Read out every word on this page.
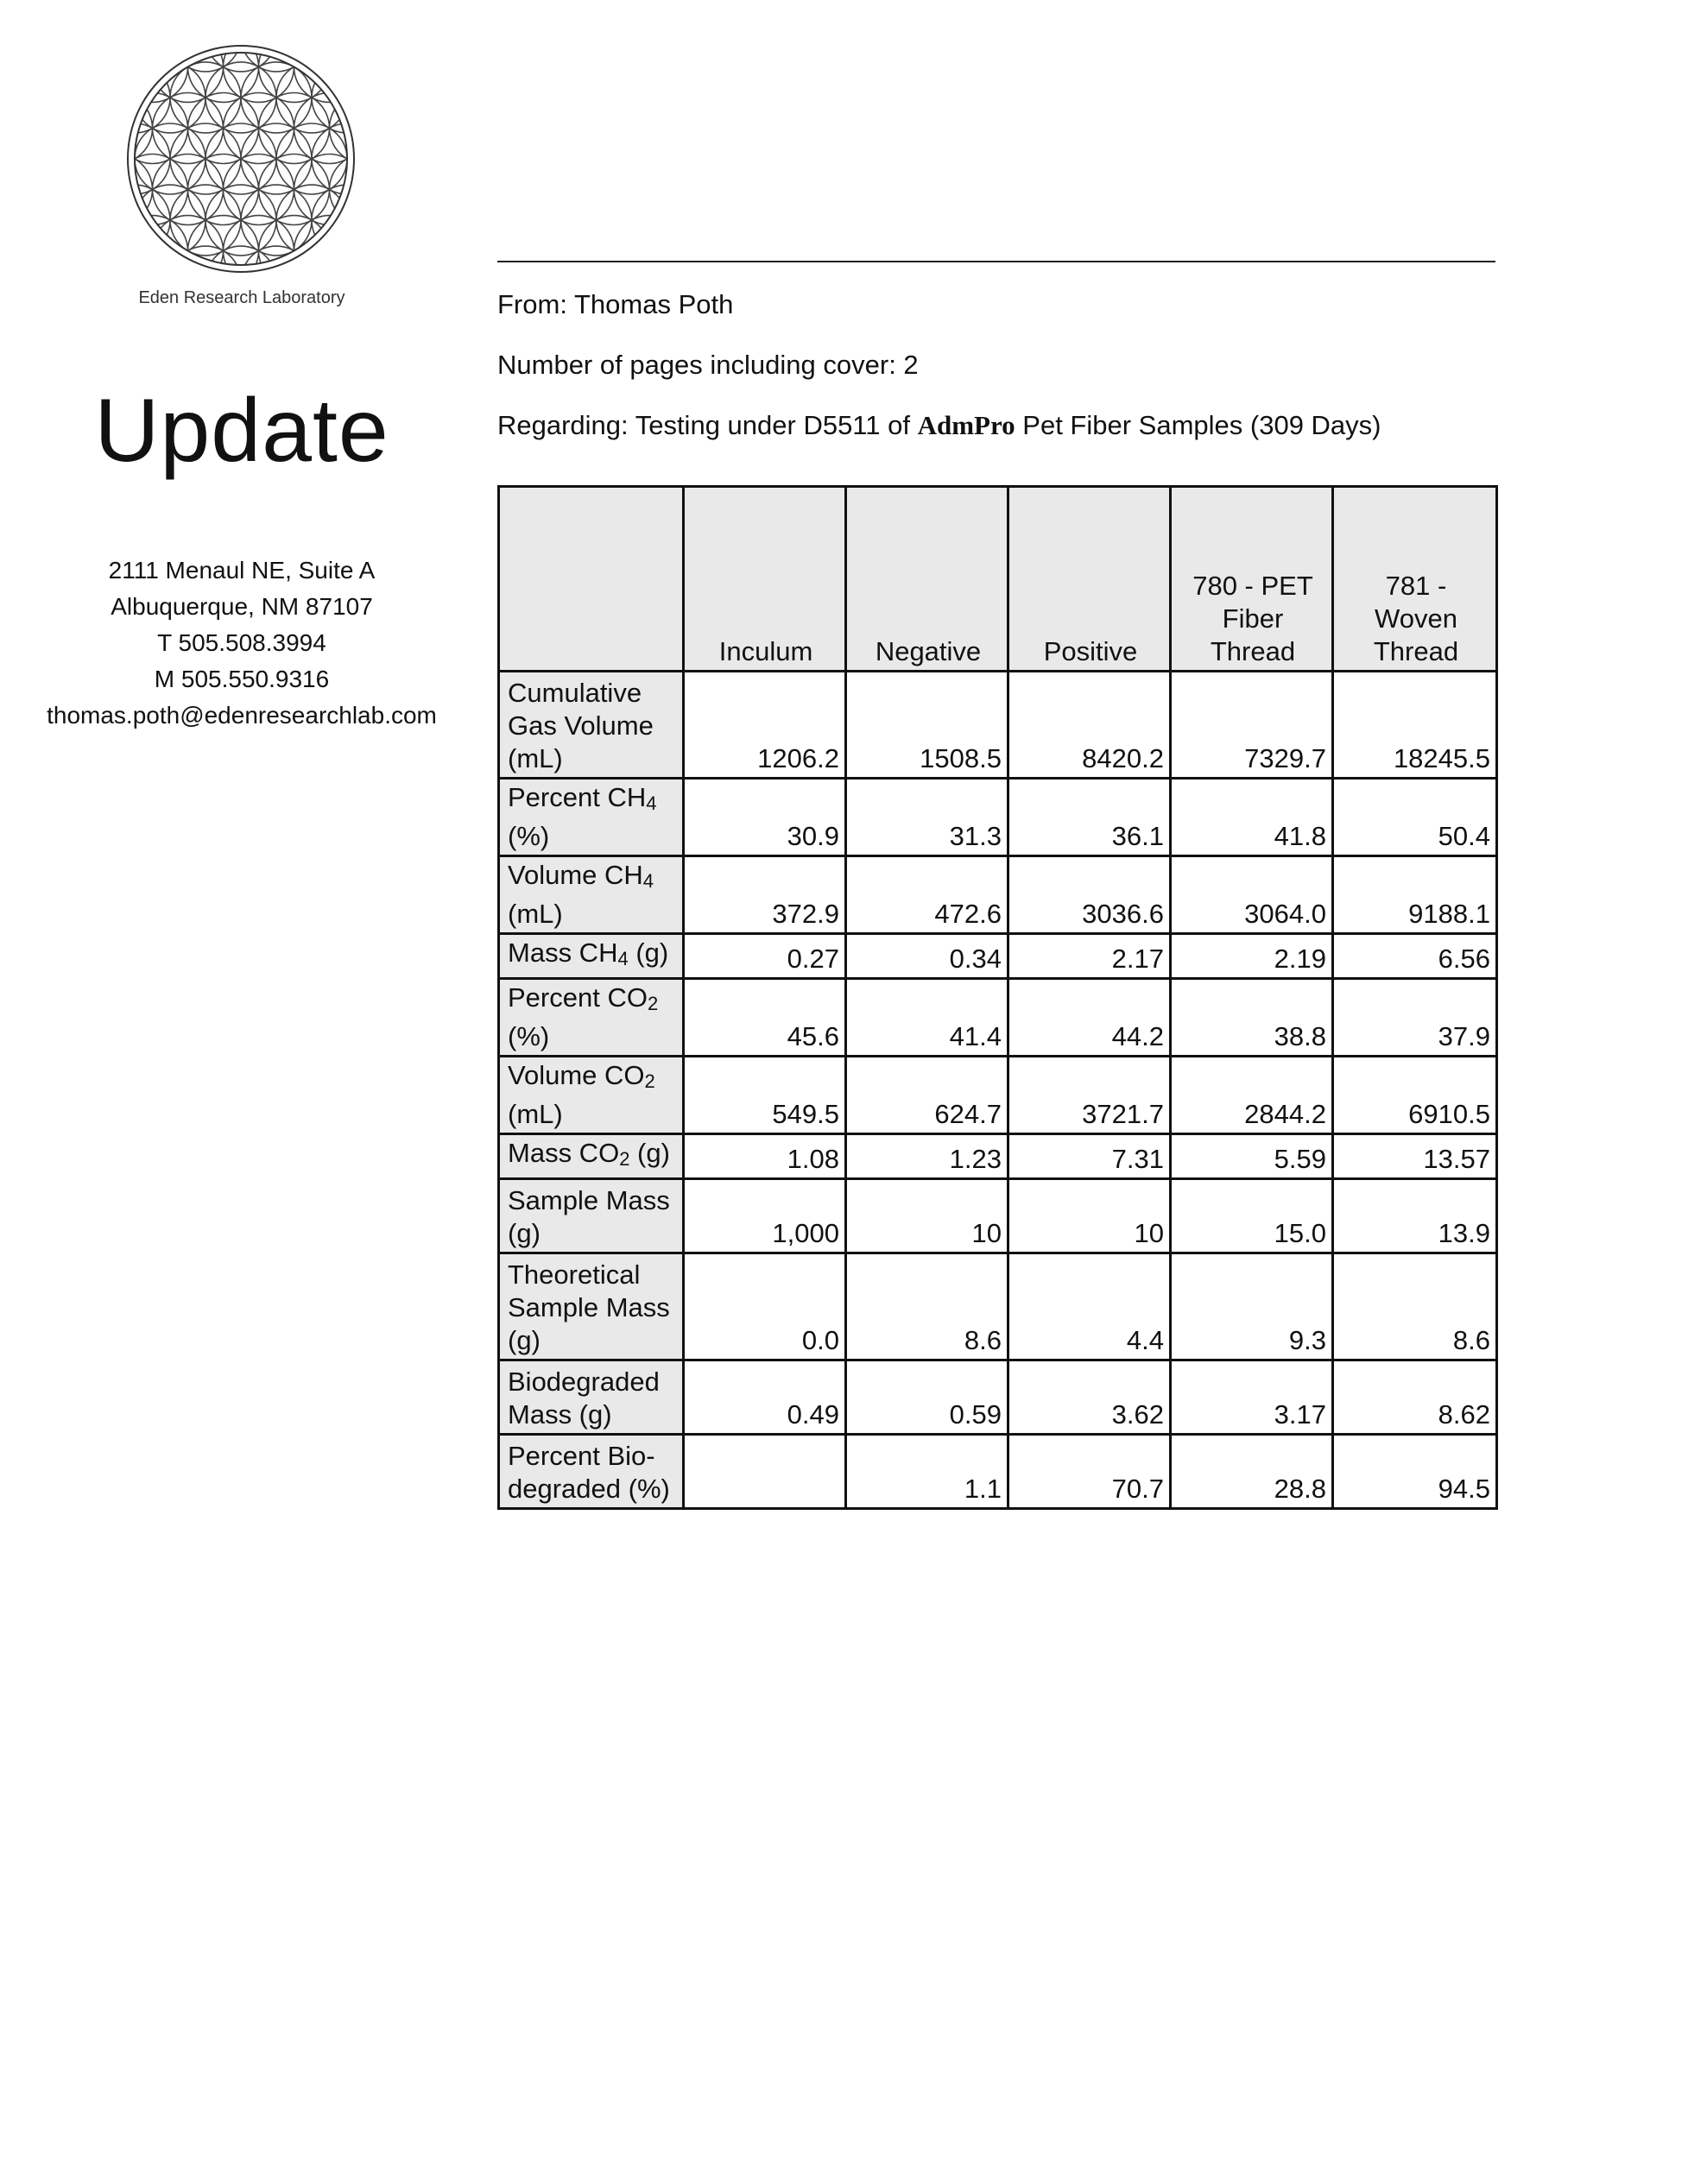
Eden Research Laboratory
Update
2111 Menaul NE, Suite A
Albuquerque, NM 87107
T 505.508.3994
M 505.550.9316
thomas.poth@edenresearchlab.com
From: Thomas Poth
Number of pages including cover: 2
Regarding: Testing under D5511 of AdmPro Pet Fiber Samples (309 Days)
	Inculum	Negative	Positive	780 - PET Fiber Thread	781 - Woven Thread
Cumulative Gas Volume (mL)	1206.2	1508.5	8420.2	7329.7	18245.5
Percent $CH_4$ (%)	30.9	31.3	36.1	41.8	50.4
Volume $CH_4$ (mL)	372.9	472.6	3036.6	3064.0	9188.1
Mass $CH_4$ (g)	0.27	0.34	2.17	2.19	6.56
Percent $CO_2$ (%)	45.6	41.4	44.2	38.8	37.9
Volume $CO_2$ (mL)	549.5	624.7	3721.7	2844.2	6910.5
Mass $CO_2$ (g)	1.08	1.23	7.31	5.59	13.57
Sample Mass (g)	1,000	10	10	15.0	13.9
Theoretical Sample Mass (g)	0.0	8.6	4.4	9.3	8.6
Biodegraded Mass (g)	0.49	0.59	3.62	3.17	8.62
Percent Bio-degraded (%)		1.1	70.7	28.8	94.5
